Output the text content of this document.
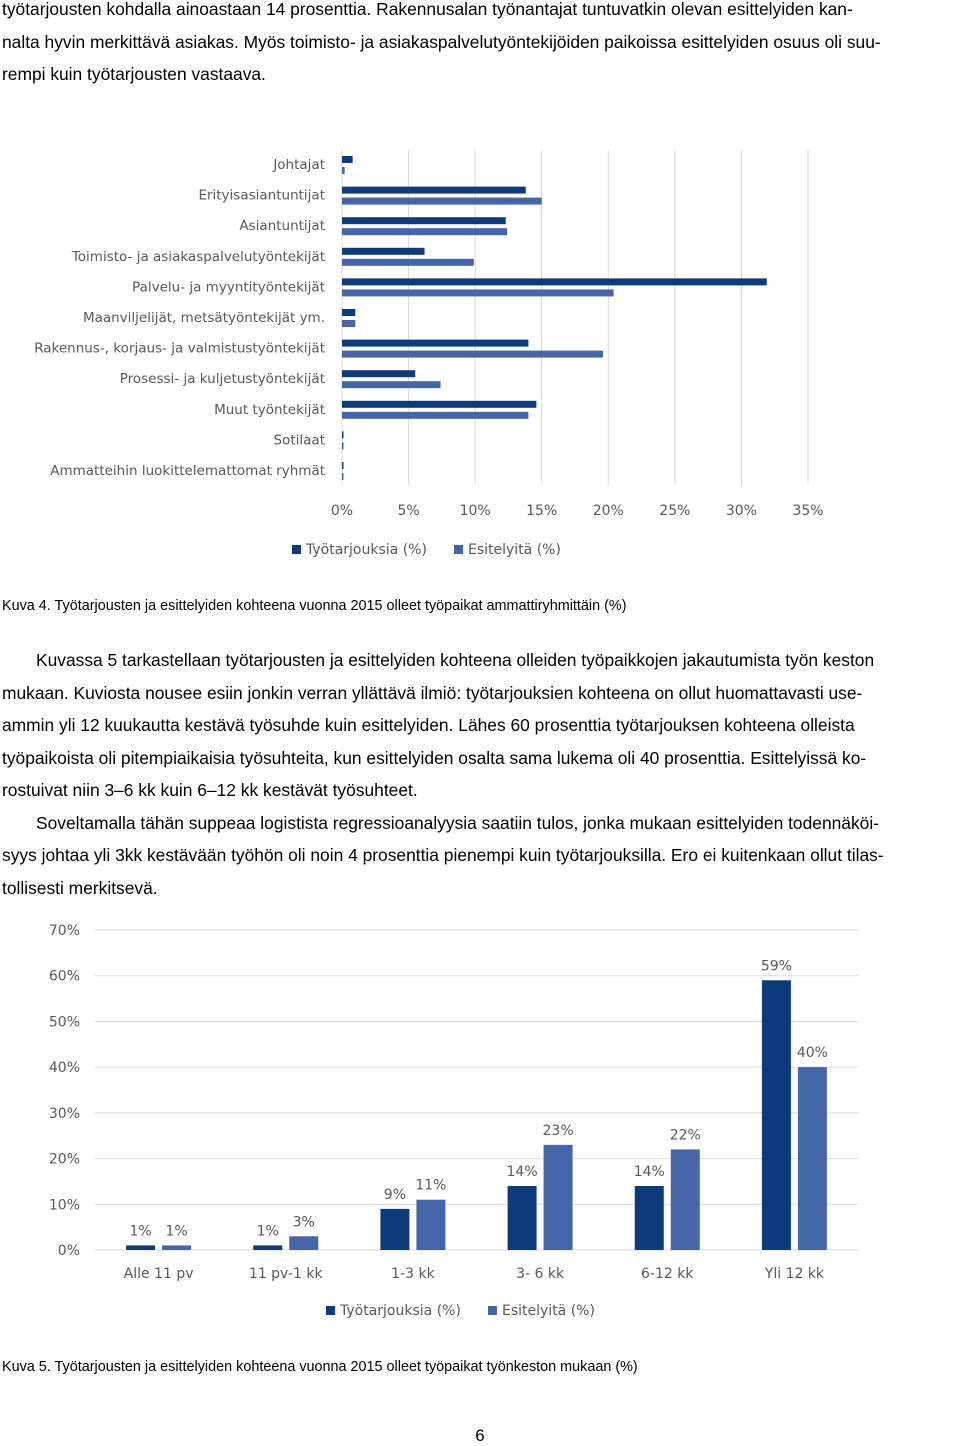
työtarjousten kohdalla ainoastaan 14 prosenttia. Rakennusalan työnantajat tuntuvatkin olevan esittelyiden kan-

nalta hyvin merkittävä asiakas. Myös toimisto- ja asiakaspalvelutyöntekijöiden paikoissa esittelyiden osuus oli suu-

rempi kuin työtarjousten vastaava.

0%	5%	10%	15%	20%	25%	30%	35%
Johtajat
Erityisasiantuntijat
Asiantuntijat
Toimisto- ja asiakaspalvelutyöntekijät
Palvelu- ja myyntityöntekijät
Maanviljelijät, metsätyöntekijät ym.
Rakennus-, korjaus- ja valmistustyöntekijät
Prosessi- ja kuljetustyöntekijät
Muut työntekijät
Sotilaat
Ammatteihin luokittelemattomat ryhmät
Työtarjouksia (%)	Esitelyitä (%)
Kuva 4. Työtarjousten ja esittelyiden kohteena vuonna 2015 olleet työpaikat ammattiryhmittäin (%)

Kuvassa 5 tarkastellaan työtarjousten ja esittelyiden kohteena olleiden työpaikkojen jakautumista työn keston

mukaan. Kuviosta nousee esiin jonkin verran yllättävä ilmiö: työtarjouksien kohteena on ollut huomattavasti use-

ammin yli 12 kuukautta kestävä työsuhde kuin esittelyiden. Lähes 60 prosenttia työtarjouksen kohteena olleista

työpaikoista oli pitempiaikaisia työsuhteita, kun esittelyiden osalta sama lukema oli 40 prosenttia. Esittelyissä ko-

rostuivat niin 3–6 kk kuin 6–12 kk kestävät työsuhteet.

Soveltamalla tähän suppeaa logistista regressioanalyysia saatiin tulos, jonka mukaan esittelyiden todennäköi-

syys johtaa yli 3kk kestävään työhön oli noin 4 prosenttia pienempi kuin työtarjouksilla. Ero ei kuitenkaan ollut tilas-

tollisesti merkitsevä.

70%
60%
50%
40%
30%
20%
10%
0%
Alle 11 pv
1% 1%
11 pv-1 kk
1%
3%
1-3 kk
9%
11%
3- 6 kk
14%
23%
6-12 kk
14%
22%
Yli 12 kk
59%
40%
Työtarjouksia (%)	Esitelyitä (%)
Kuva 5. Työtarjousten ja esittelyiden kohteena vuonna 2015 olleet työpaikat työnkeston mukaan (%)
6
